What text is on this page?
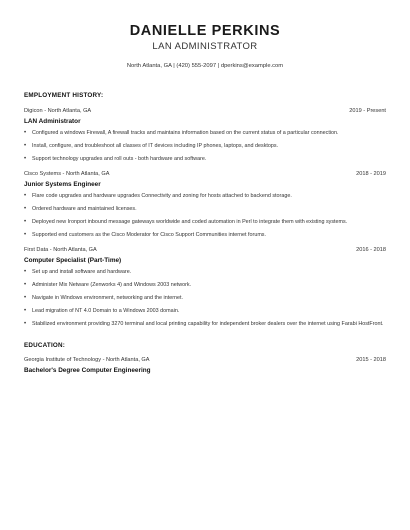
DANIELLE PERKINS
LAN ADMINISTRATOR
North Atlanta, GA | (420) 555-2097 | dperkins@example.com
EMPLOYMENT HISTORY:
Digicon - North Atlanta, GA	2019 - Present
LAN Administrator
• Configured a windows Firewall, A firewall tracks and maintains information based on the current status of a particular connection.
• Install, configure, and troubleshoot all classes of IT devices including IP phones, laptops, and desktops.
• Support technology upgrades and roll outs - both hardware and software.
Cisco Systems - North Atlanta, GA	2018 - 2019
Junior Systems Engineer
• Flare code upgrades and hardware upgrades Connectivity and zoning for hosts attached to backend storage.
• Ordered hardware and maintained licenses.
• Deployed new Ironport inbound message gateways worldwide and coded automation in Perl to integrate them with existing systems.
• Supported end customers as the Cisco Moderator for Cisco Support Communities internet forums.
First Data - North Atlanta, GA	2016 - 2018
Computer Specialist (Part-Time)
• Set up and install software and hardware.
• Administer Mix Netware (Zenworks 4) and Windows 2003 network.
• Navigate in Windows environment, networking and the internet.
• Lead migration of NT 4.0 Domain to a Windows 2003 domain.
• Stabilized environment providing 3270 terminal and local printing capability for independent broker dealers over the internet using Farabi HostFront.
EDUCATION:
Georgia Institute of Technology - North Atlanta, GA	2015 - 2018
Bachelor's Degree Computer Engineering
